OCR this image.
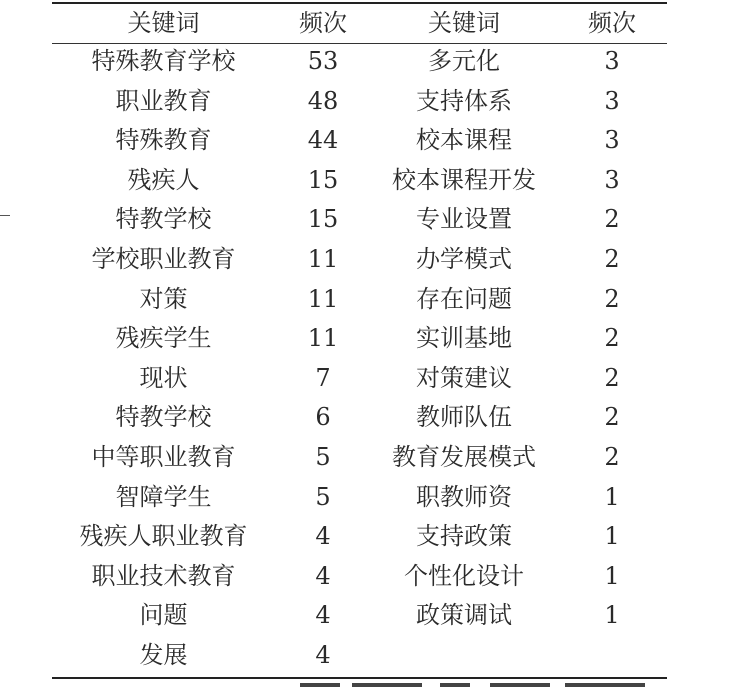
关键词	频次	关键词	频次
特殊教育学校	53	多元化	3
职业教育	48	支持体系	3
特殊教育	44	校本课程	3
残疾人	15	校本课程开发	3
特教学校	15	专业设置	2
学校职业教育	11	办学模式	2
对策	11	存在问题	2
残疾学生	11	实训基地	2
现状	7	对策建议	2
特教学校	6	教师队伍	2
中等职业教育	5	教育发展模式	2
智障学生	5	职教师资	1
残疾人职业教育	4	支持政策	1
职业技术教育	4	个性化设计	1
问题	4	政策调试	1
发展	4		
